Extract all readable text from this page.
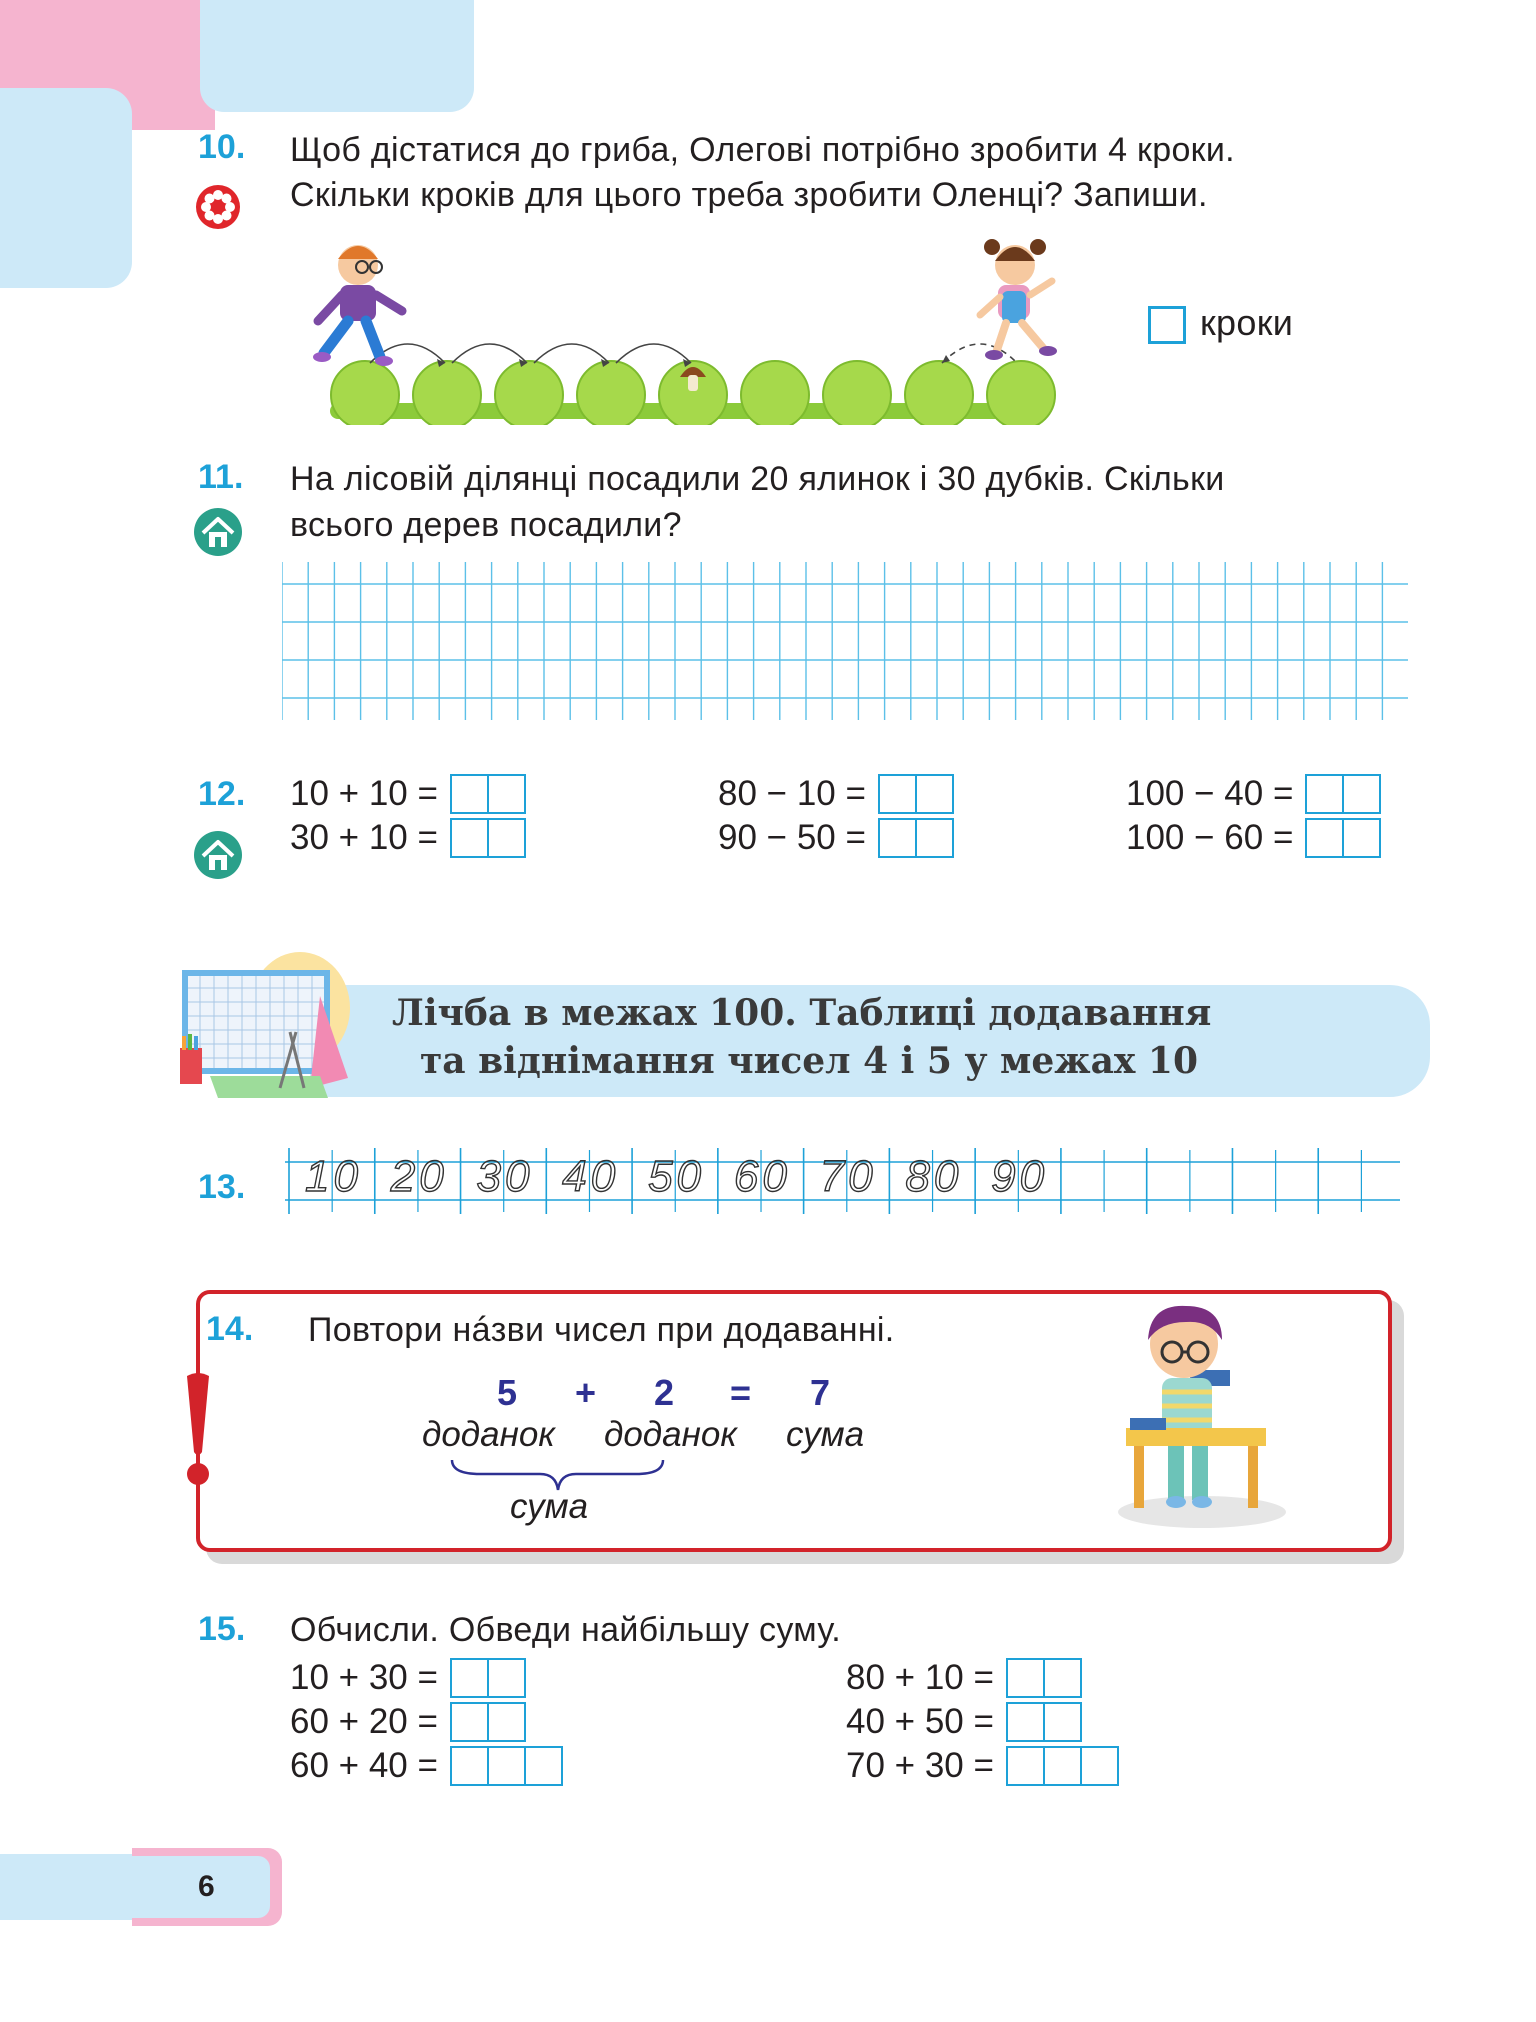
10. Щоб дістатися до гриба, Олегові потрібно зробити 4 кроки.
Скільки кроків для цього треба зробити Оленці? Запиши.
кроки
11. На лісовій ділянці посадили 20 ялинок і 30 дубків. Скільки
всього дерев посадили?
12. 10 + 10 =
30 + 10 =
80 − 10 =
90 − 50 =
100 − 40 =
100 − 60 =
Лічба в межах 100. Таблиці додавання
та віднімання чисел 4 і 5 у межах 10
13. 10 20 30 40 50 60 70 80 90
14. Повтори нáзви чисел при додаванні.
5 + 2 = 7
доданок доданок сума
сума
15. Обчисли. Обведи найбільшу суму.
10 + 30 =
60 + 20 =
60 + 40 =
80 + 10 =
40 + 50 =
70 + 30 =
6
